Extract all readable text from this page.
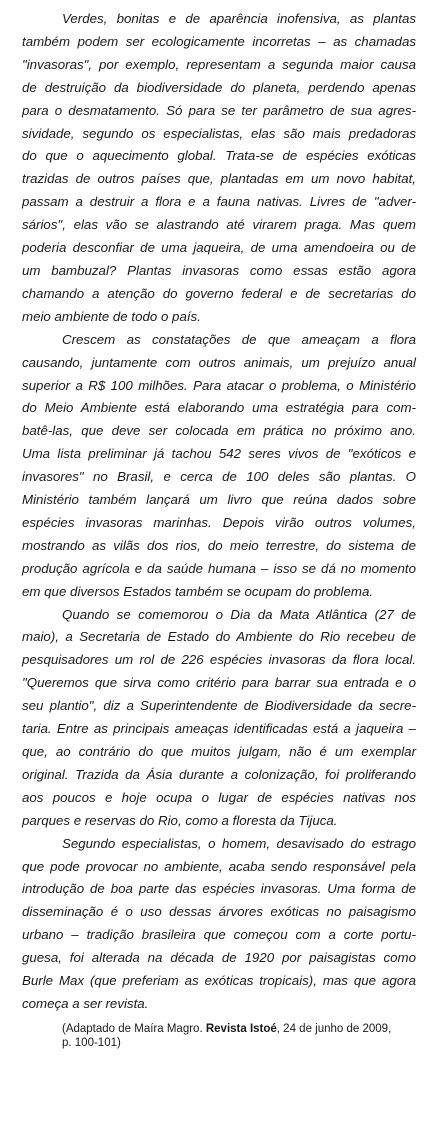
Verdes, bonitas e de aparência inofensiva, as plantas
também podem ser ecologicamente incorretas – as chamadas
"invasoras", por exemplo, representam a segunda maior causa
de destruição da biodiversidade do planeta, perdendo apenas
para o desmatamento. Só para se ter parâmetro de sua agres-
sividade, segundo os especialistas, elas são mais predadoras
do que o aquecimento global. Trata-se de espécies exóticas
trazidas de outros países que, plantadas em um novo habitat,
passam a destruir a flora e a fauna nativas. Livres de "adver-
sários", elas vão se alastrando até virarem praga. Mas quem
poderia desconfiar de uma jaqueira, de uma amendoeira ou de
um bambuzal? Plantas invasoras como essas estão agora
chamando a atenção do governo federal e de secretarias do
meio ambiente de todo o país.

Crescem as constatações de que ameaçam a flora
causando, juntamente com outros animais, um prejuízo anual
superior a R$ 100 milhões. Para atacar o problema, o Ministério
do Meio Ambiente está elaborando uma estratégia para com-
batê-las, que deve ser colocada em prática no próximo ano.
Uma lista preliminar já tachou 542 seres vivos de "exóticos e
invasores" no Brasil, e cerca de 100 deles são plantas. O
Ministério também lançará um livro que reúna dados sobre
espécies invasoras marinhas. Depois virão outros volumes,
mostrando as vilãs dos rios, do meio terrestre, do sistema de
produção agrícola e da saúde humana – isso se dá no momento
em que diversos Estados também se ocupam do problema.

Quando se comemorou o Dia da Mata Atlântica (27 de
maio), a Secretaria de Estado do Ambiente do Rio recebeu de
pesquisadores um rol de 226 espécies invasoras da flora local.
"Queremos que sirva como critério para barrar sua entrada e o
seu plantio", diz a Superintendente de Biodiversidade da secre-
taria. Entre as principais ameaças identificadas está a jaqueira –
que, ao contrário do que muitos julgam, não é um exemplar
original. Trazida da Ásia durante a colonização, foi proliferando
aos poucos e hoje ocupa o lugar de espécies nativas nos
parques e reservas do Rio, como a floresta da Tijuca.

Segundo especialistas, o homem, desavisado do estrago
que pode provocar no ambiente, acaba sendo responsável pela
introdução de boa parte das espécies invasoras. Uma forma de
disseminação é o uso dessas árvores exóticas no paisagismo
urbano – tradição brasileira que começou com a corte portu-
guesa, foi alterada na década de 1920 por paisagistas como
Burle Max (que preferiam as exóticas tropicais), mas que agora
começa a ser revista.

(Adaptado de Maíra Magro. Revista Istoé, 24 de junho de 2009,
p. 100-101)
